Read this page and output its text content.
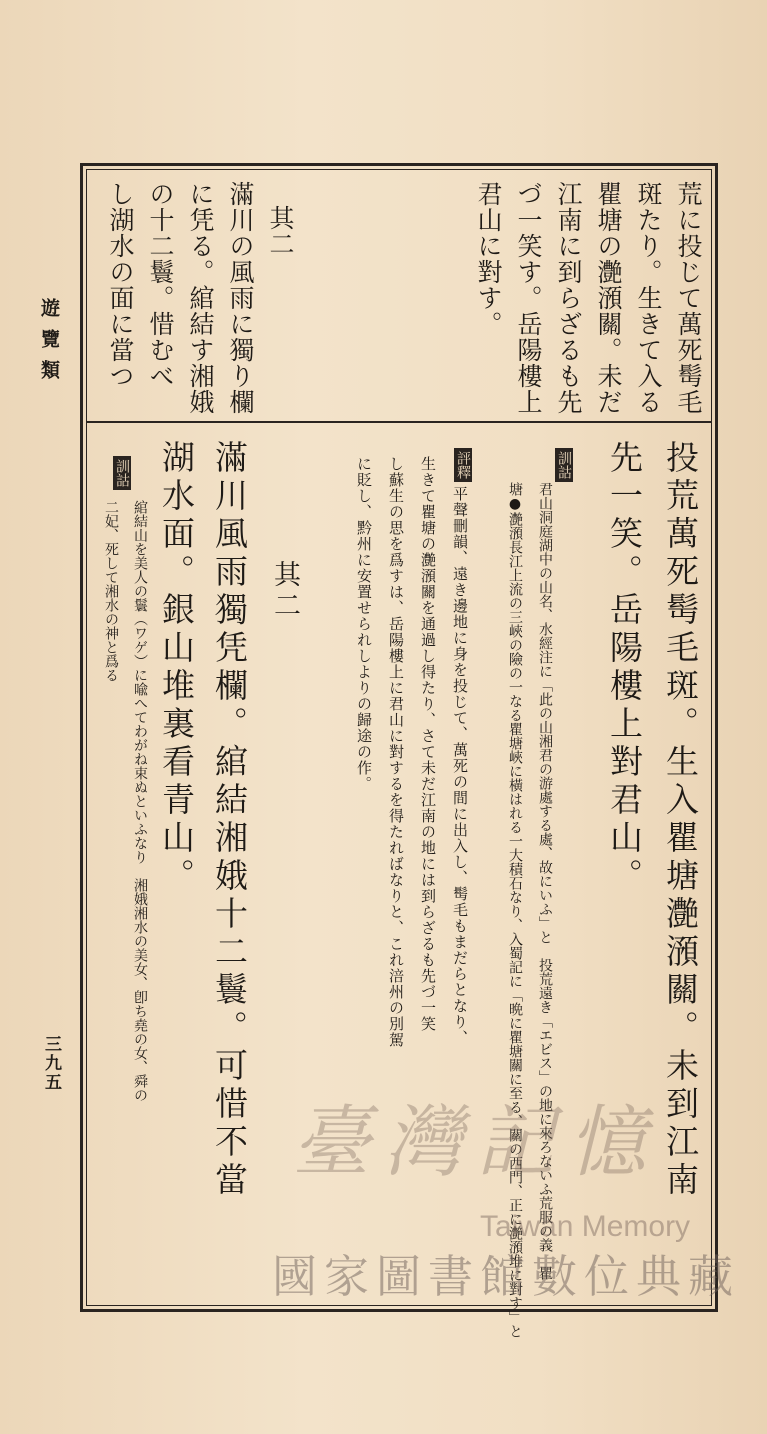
遊覽類
三九五
荒に投じて萬死髩毛
斑たり。生きて入る
瞿塘の灔澦關。未だ
江南に到らざるも先
づ一笑す。岳陽樓上
君山に對す。
其二
滿川の風雨に獨り欄
に凭る。綰結す湘娥
の十二鬟。惜むべ
し湖水の面に當つ
投荒萬死髩毛斑。生入瞿塘灔澦關。未到江南
先一笑。岳陽樓上對君山。
訓詁
君山洞庭湖中の山名、水經注に「此の山湘君の游處する處、故にいふ」と　投荒遠き「エビス」の地に來ろないふ荒服の義　瞿
塘●灔澦長江上流の三峽の險の一なる瞿塘峽に橫はれる一大積石なり、入蜀記に「晩に瞿塘關に至る、關の西門、正に灔澦堆に對す」と
評釋
平聲刪韻、遠き邊地に身を投じて、萬死の間に出入し、髩毛もまだらとなり、
生きて瞿塘の灔澦關を通過し得たり、さて未だ江南の地には到らざるも先づ一笑
し蘇生の思を爲すは、岳陽樓上に君山に對するを得たればなりと、これ涪州の別駕
に貶し、黔州に安置せられしよりの歸途の作。
其二
滿川風雨獨凭欄。綰結湘娥十二鬟。可惜不當
湖水面。銀山堆裏看青山。
訓詁
綰結山を美人の鬟（ワゲ）に喩へてわがね束ぬといふなり　湘娥湘水の美女、卽ち堯の女、舜の
二妃、死して湘水の神と爲る
臺灣記憶
Taiwan Memory
國家圖書館數位典藏
